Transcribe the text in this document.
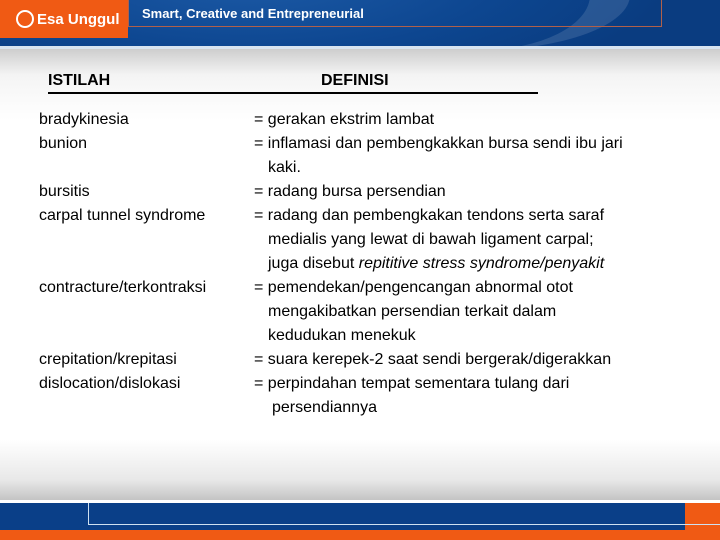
Esa Unggul Smart, Creative and Entrepreneurial
ISTILAH	DEFINISI
bradykinesia	= gerakan ekstrim lambat
bunion	= inflamasi dan pembengkakkan bursa sendi ibu jari
kaki.
bursitis	= radang bursa persendian
carpal tunnel syndrome	= radang dan pembengkakan tendons serta saraf
medialis yang lewat di bawah ligament carpal;
juga disebut repititive stress syndrome/penyakit
contracture/terkontraksi	= pemendekan/pengencangan abnormal otot
mengakibatkan persendian terkait dalam
kedudukan menekuk
crepitation/krepitasi	= suara kerepek-2 saat sendi bergerak/digerakkan
dislocation/dislokasi	= perpindahan tempat sementara tulang dari
persendiannya
